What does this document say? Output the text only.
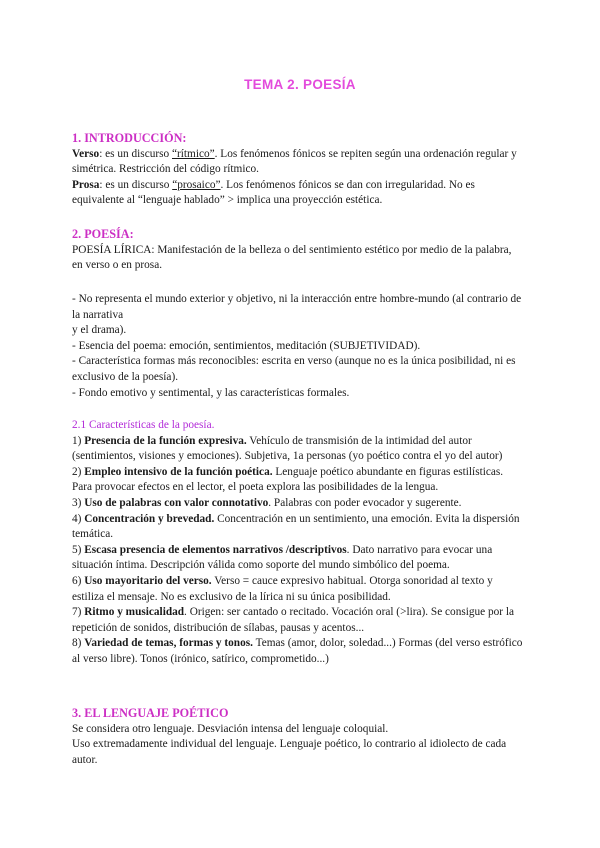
TEMA 2. POESÍA
1. INTRODUCCIÓN:

Verso: es un discurso “rítmico”. Los fenómenos fónicos se repiten según una ordenación regular y simétrica. Restricción del código rítmico.

Prosa: es un discurso “prosaico”. Los fenómenos fónicos se dan con irregularidad. No es equivalente al “lenguaje hablado” > implica una proyección estética.

2. POESÍA:

POESÍA LÍRICA: Manifestación de la belleza o del sentimiento estético por medio de la palabra, en verso o en prosa.

- No representa el mundo exterior y objetivo, ni la interacción entre hombre-mundo (al contrario de la narrativa

y el drama).

- Esencia del poema: emoción, sentimientos, meditación (SUBJETIVIDAD).

- Característica formas más reconocibles: escrita en verso (aunque no es la única posibilidad, ni es exclusivo de la poesía).

- Fondo emotivo y sentimental, y las características formales.

2.1 Características de la poesía.

1) Presencia de la función expresiva. Vehículo de transmisión de la intimidad del autor (sentimientos, visiones y emociones). Subjetiva, 1a personas (yo poético contra el yo del autor)

2) Empleo intensivo de la función poética. Lenguaje poético abundante en figuras estilísticas. Para provocar efectos en el lector, el poeta explora las posibilidades de la lengua.

3) Uso de palabras con valor connotativo. Palabras con poder evocador y sugerente.

4) Concentración y brevedad. Concentración en un sentimiento, una emoción. Evita la dispersión temática.

5) Escasa presencia de elementos narrativos /descriptivos. Dato narrativo para evocar una situación íntima. Descripción válida como soporte del mundo simbólico del poema.

6) Uso mayoritario del verso. Verso = cauce expresivo habitual. Otorga sonoridad al texto y estiliza el mensaje. No es exclusivo de la lírica ni su única posibilidad.

7) Ritmo y musicalidad. Origen: ser cantado o recitado. Vocación oral (>lira). Se consigue por la repetición de sonidos, distribución de sílabas, pausas y acentos...

8) Variedad de temas, formas y tonos. Temas (amor, dolor, soledad...) Formas (del verso estrófico al verso libre). Tonos (irónico, satírico, comprometido...)

3. EL LENGUAJE POÉTICO

Se considera otro lenguaje. Desviación intensa del lenguaje coloquial.

Uso extremadamente individual del lenguaje. Lenguaje poético, lo contrario al idiolecto de cada autor.
